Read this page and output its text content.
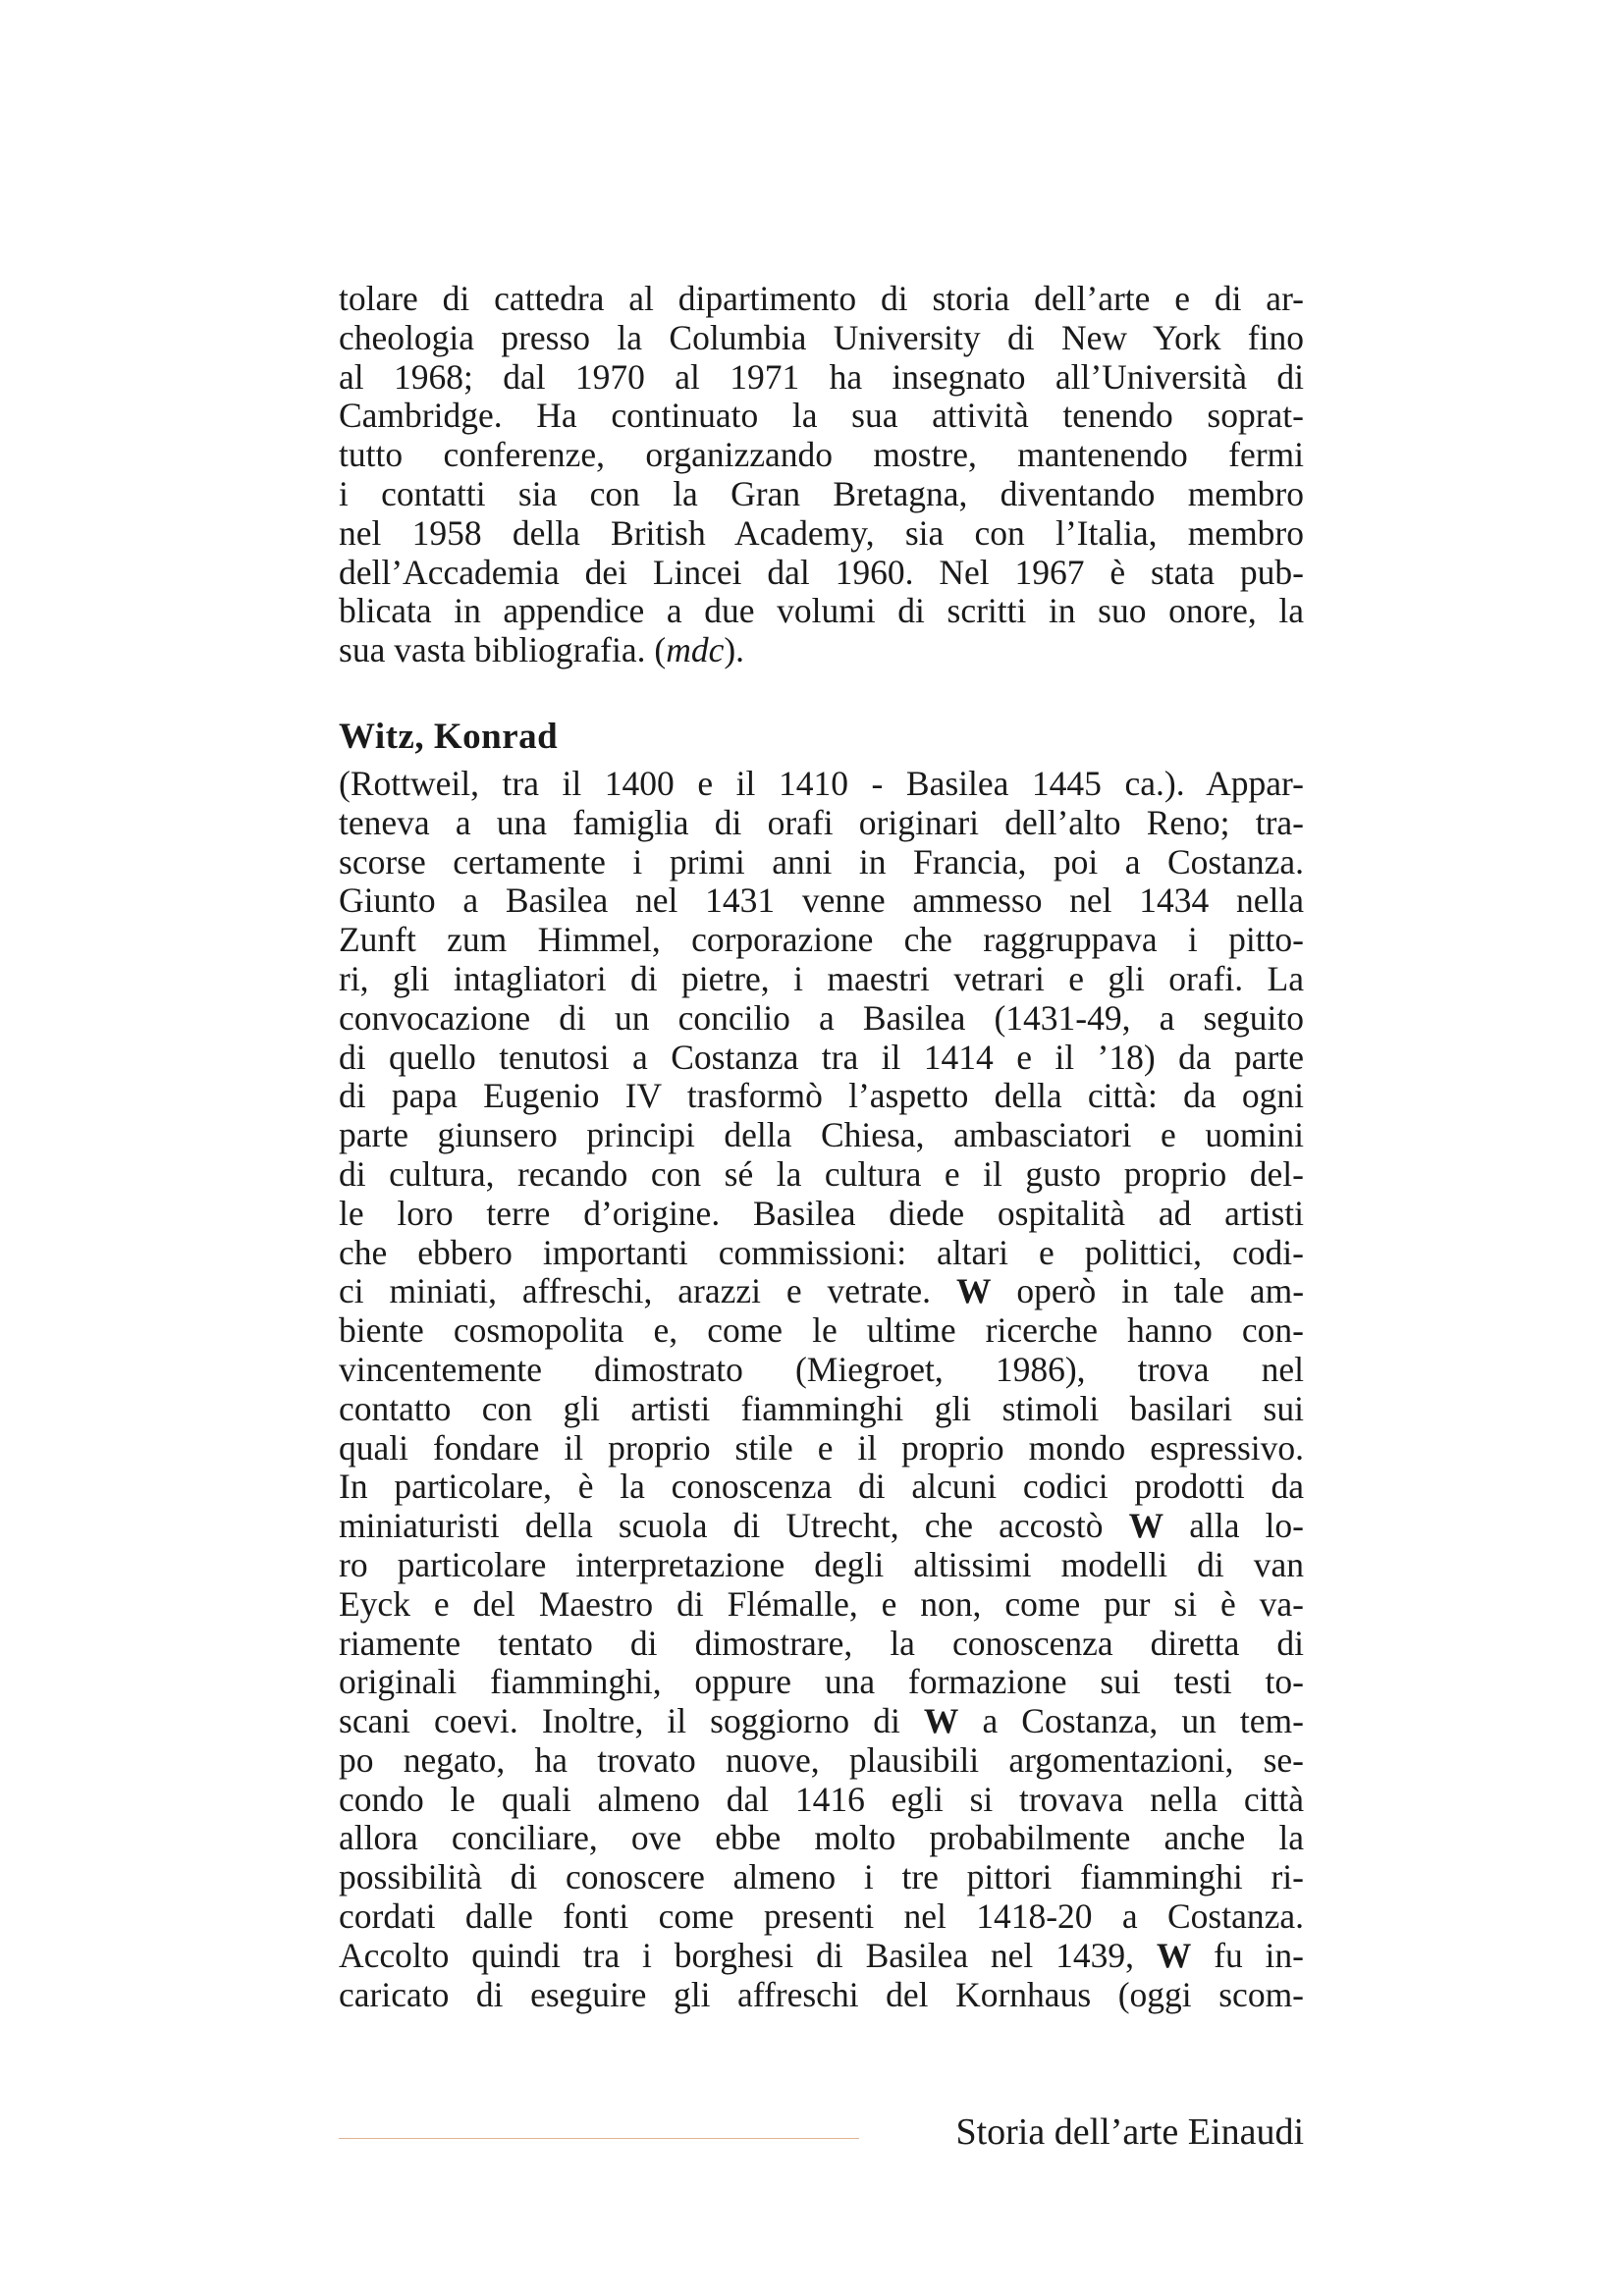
tolare di cattedra al dipartimento di storia dell’arte e di ar-
cheologia presso la Columbia University di New York fino
al 1968; dal 1970 al 1971 ha insegnato all’Università di
Cambridge. Ha continuato la sua attività tenendo soprat-
tutto conferenze, organizzando mostre, mantenendo fermi
i contatti sia con la Gran Bretagna, diventando membro
nel 1958 della British Academy, sia con l’Italia, membro
dell’Accademia dei Lincei dal 1960. Nel 1967 è stata pub-
blicata in appendice a due volumi di scritti in suo onore, la
sua vasta bibliografia. (mdc).
Witz, Konrad
(Rottweil, tra il 1400 e il 1410 - Basilea 1445 ca.). Appar-
teneva a una famiglia di orafi originari dell’alto Reno; tra-
scorse certamente i primi anni in Francia, poi a Costanza.
Giunto a Basilea nel 1431 venne ammesso nel 1434 nella
Zunft zum Himmel, corporazione che raggruppava i pitto-
ri, gli intagliatori di pietre, i maestri vetrari e gli orafi. La
convocazione di un concilio a Basilea (1431-49, a seguito
di quello tenutosi a Costanza tra il 1414 e il ’18) da parte
di papa Eugenio IV trasformò l’aspetto della città: da ogni
parte giunsero principi della Chiesa, ambasciatori e uomini
di cultura, recando con sé la cultura e il gusto proprio del-
le loro terre d’origine. Basilea diede ospitalità ad artisti
che ebbero importanti commissioni: altari e polittici, codi-
ci miniati, affreschi, arazzi e vetrate. W operò in tale am-
biente cosmopolita e, come le ultime ricerche hanno con-
vincentemente dimostrato (Miegroet, 1986), trova nel
contatto con gli artisti fiamminghi gli stimoli basilari sui
quali fondare il proprio stile e il proprio mondo espressivo.
In particolare, è la conoscenza di alcuni codici prodotti da
miniaturisti della scuola di Utrecht, che accostò W alla lo-
ro particolare interpretazione degli altissimi modelli di van
Eyck e del Maestro di Flémalle, e non, come pur si è va-
riamente tentato di dimostrare, la conoscenza diretta di
originali fiamminghi, oppure una formazione sui testi to-
scani coevi. Inoltre, il soggiorno di W a Costanza, un tem-
po negato, ha trovato nuove, plausibili argomentazioni, se-
condo le quali almeno dal 1416 egli si trovava nella città
allora conciliare, ove ebbe molto probabilmente anche la
possibilità di conoscere almeno i tre pittori fiamminghi ri-
cordati dalle fonti come presenti nel 1418-20 a Costanza.
Accolto quindi tra i borghesi di Basilea nel 1439, W fu in-
caricato di eseguire gli affreschi del Kornhaus (oggi scom-
Storia dell’arte Einaudi
